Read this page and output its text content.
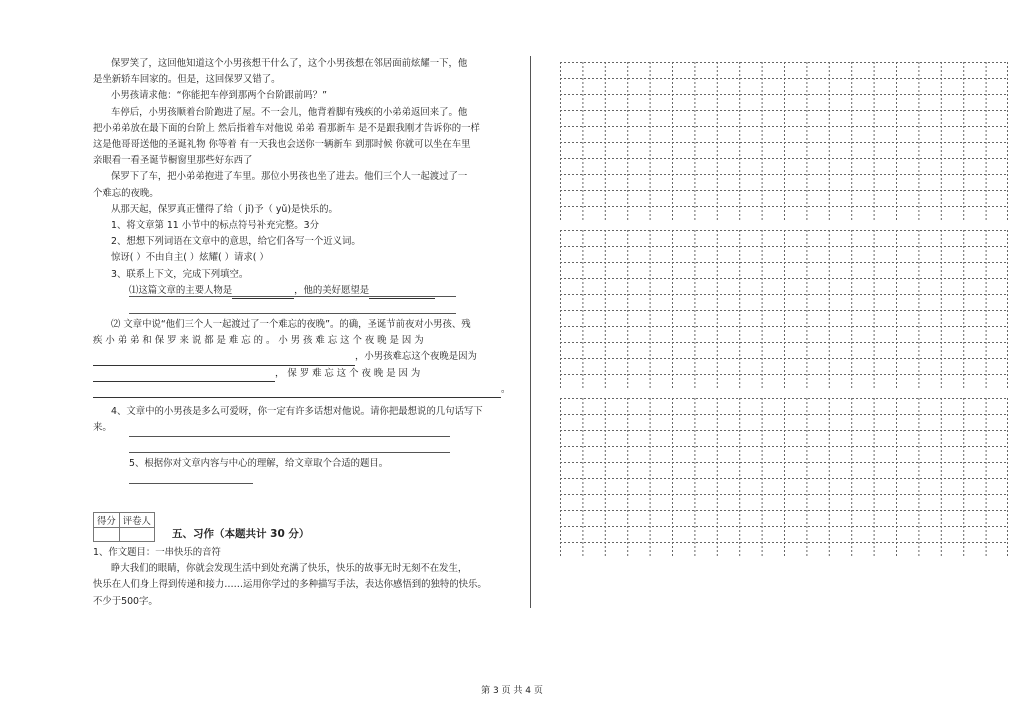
保罗笑了，这回他知道这个小男孩想干什么了，这个小男孩想在邻居面前炫耀一下，他

是坐新轿车回家的。但是，这回保罗又错了。

小男孩请求他：“你能把车停到那两个台阶跟前吗？”

车停后，小男孩顺着台阶跑进了屋。不一会儿，他背着脚有残疾的小弟弟返回来了。他

把小弟弟放在最下面的台阶上 然后指着车对他说 弟弟 看那新车 是不是跟我刚才告诉你的一样

这是他哥哥送他的圣诞礼物 你等着 有一天我也会送你一辆新车 到那时候 你就可以坐在车里

亲眼看一看圣诞节橱窗里那些好东西了

保罗下了车，把小弟弟抱进了车里。那位小男孩也坐了进去。他们三个人一起渡过了一

个难忘的夜晚。

从那天起，保罗真正懂得了给（ jǐ)予（ yǔ)是快乐的。

1、将文章第 11 小节中的标点符号补充完整。3分

2、想想下列词语在文章中的意思，给它们各写一个近义词。

惊讶( ）不由自主( ）炫耀( ）请求( ）

3、联系上下文，完成下列填空。

⑴这篇文章的主要人物是	，他的美好愿望是

⑵ 文章中说“他们三个人一起渡过了一个难忘的夜晚”。的确，圣诞节前夜对小男孩、残

疾 小 弟 弟 和 保 罗 来 说 都 是 难 忘 的 。 小 男 孩 难 忘 这 个 夜 晚 是 因 为

，小男孩难忘这个夜晚是因为

， 保 罗 难 忘 这 个 夜 晚 是 因 为

。

4、文章中的小男孩是多么可爱呀，你一定有许多话想对他说。请你把最想说的几句话写下

来。

5、根据你对文章内容与中心的理解，给文章取个合适的题目。

得分	评卷人

五、习作（本题共计 30 分）

1、作文题目：一串快乐的音符

睁大我们的眼睛，你就会发现生活中到处充满了快乐，快乐的故事无时无刻不在发生，

快乐在人们身上得到传递和接力……运用你学过的多种描写手法，表达你感悟到的独特的快乐。

不少于500字。

第 3 页 共 4 页
